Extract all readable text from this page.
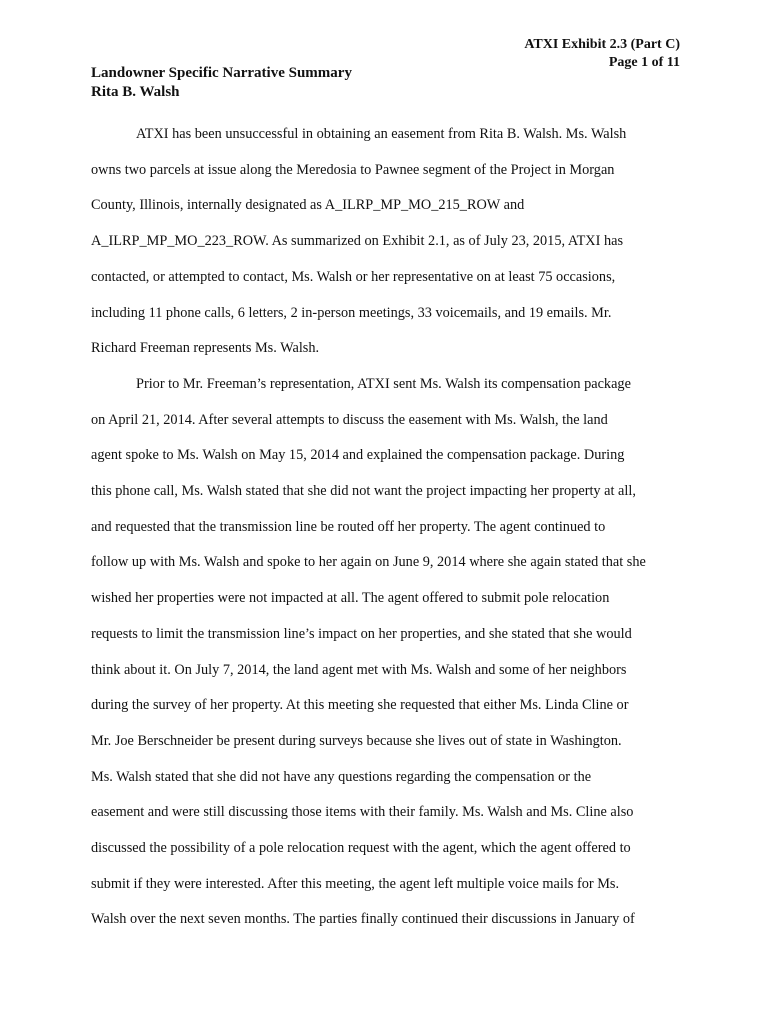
ATXI Exhibit 2.3 (Part C)
Page 1 of 11
Landowner Specific Narrative Summary
Rita B. Walsh
ATXI has been unsuccessful in obtaining an easement from Rita B. Walsh. Ms. Walsh
owns two parcels at issue along the Meredosia to Pawnee segment of the Project in Morgan
County, Illinois, internally designated as A_ILRP_MP_MO_215_ROW and
A_ILRP_MP_MO_223_ROW. As summarized on Exhibit 2.1, as of July 23, 2015, ATXI has
contacted, or attempted to contact, Ms. Walsh or her representative on at least 75 occasions,
including 11 phone calls, 6 letters, 2 in-person meetings, 33 voicemails, and 19 emails. Mr.
Richard Freeman represents Ms. Walsh.
Prior to Mr. Freeman’s representation, ATXI sent Ms. Walsh its compensation package
on April 21, 2014. After several attempts to discuss the easement with Ms. Walsh, the land
agent spoke to Ms. Walsh on May 15, 2014 and explained the compensation package. During
this phone call, Ms. Walsh stated that she did not want the project impacting her property at all,
and requested that the transmission line be routed off her property. The agent continued to
follow up with Ms. Walsh and spoke to her again on June 9, 2014 where she again stated that she
wished her properties were not impacted at all. The agent offered to submit pole relocation
requests to limit the transmission line’s impact on her properties, and she stated that she would
think about it. On July 7, 2014, the land agent met with Ms. Walsh and some of her neighbors
during the survey of her property. At this meeting she requested that either Ms. Linda Cline or
Mr. Joe Berschneider be present during surveys because she lives out of state in Washington.
Ms. Walsh stated that she did not have any questions regarding the compensation or the
easement and were still discussing those items with their family. Ms. Walsh and Ms. Cline also
discussed the possibility of a pole relocation request with the agent, which the agent offered to
submit if they were interested. After this meeting, the agent left multiple voice mails for Ms.
Walsh over the next seven months. The parties finally continued their discussions in January of
